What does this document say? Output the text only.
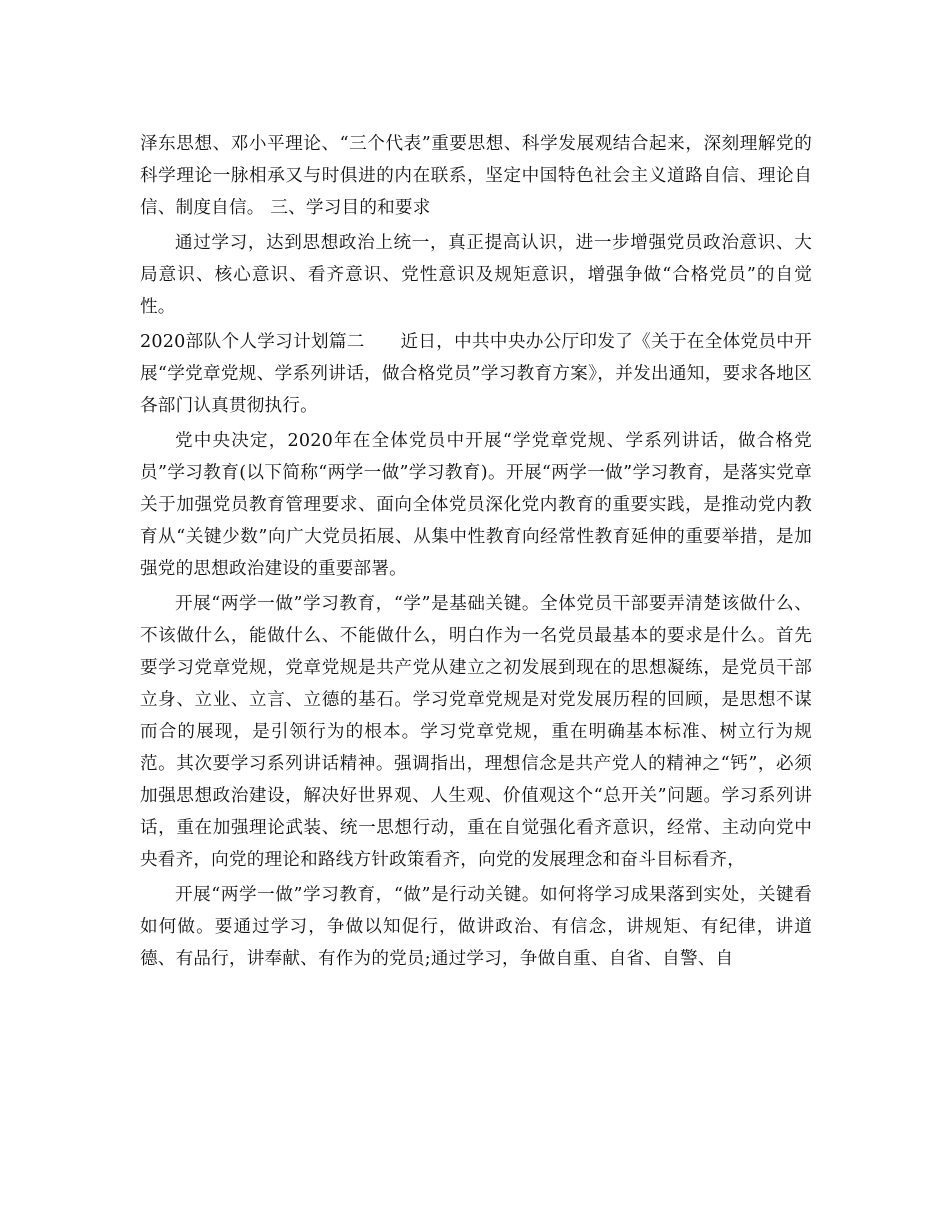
泽东思想、邓小平理论、“三个代表”重要思想、科学发展观结合起来，深刻理解党的科学理论一脉相承又与时俱进的内在联系，坚定中国特色社会主义道路自信、理论自信、制度自信。 三、学习目的和要求

通过学习，达到思想政治上统一，真正提高认识，进一步增强党员政治意识、大局意识、核心意识、看齐意识、党性意识及规矩意识，增强争做“合格党员”的自觉性。

2020部队个人学习计划篇二　　近日，中共中央办公厅印发了《关于在全体党员中开展“学党章党规、学系列讲话，做合格党员”学习教育方案》，并发出通知，要求各地区各部门认真贯彻执行。

党中央决定，2020年在全体党员中开展“学党章党规、学系列讲话，做合格党员”学习教育(以下简称“两学一做”学习教育)。开展“两学一做”学习教育，是落实党章关于加强党员教育管理要求、面向全体党员深化党内教育的重要实践，是推动党内教育从“关键少数”向广大党员拓展、从集中性教育向经常性教育延伸的重要举措，是加强党的思想政治建设的重要部署。

开展“两学一做”学习教育，“学”是基础关键。全体党员干部要弄清楚该做什么、不该做什么，能做什么、不能做什么，明白作为一名党员最基本的要求是什么。首先要学习党章党规，党章党规是共产党从建立之初发展到现在的思想凝练，是党员干部立身、立业、立言、立德的基石。学习党章党规是对党发展历程的回顾，是思想不谋而合的展现，是引领行为的根本。学习党章党规，重在明确基本标准、树立行为规范。其次要学习系列讲话精神。强调指出，理想信念是共产党人的精神之“钙”，必须加强思想政治建设，解决好世界观、人生观、价值观这个“总开关”问题。学习系列讲话，重在加强理论武装、统一思想行动，重在自觉强化看齐意识，经常、主动向党中央看齐，向党的理论和路线方针政策看齐，向党的发展理念和奋斗目标看齐，

开展“两学一做”学习教育，“做”是行动关键。如何将学习成果落到实处，关键看如何做。要通过学习，争做以知促行，做讲政治、有信念，讲规矩、有纪律，讲道德、有品行，讲奉献、有作为的党员;通过学习，争做自重、自省、自警、自
